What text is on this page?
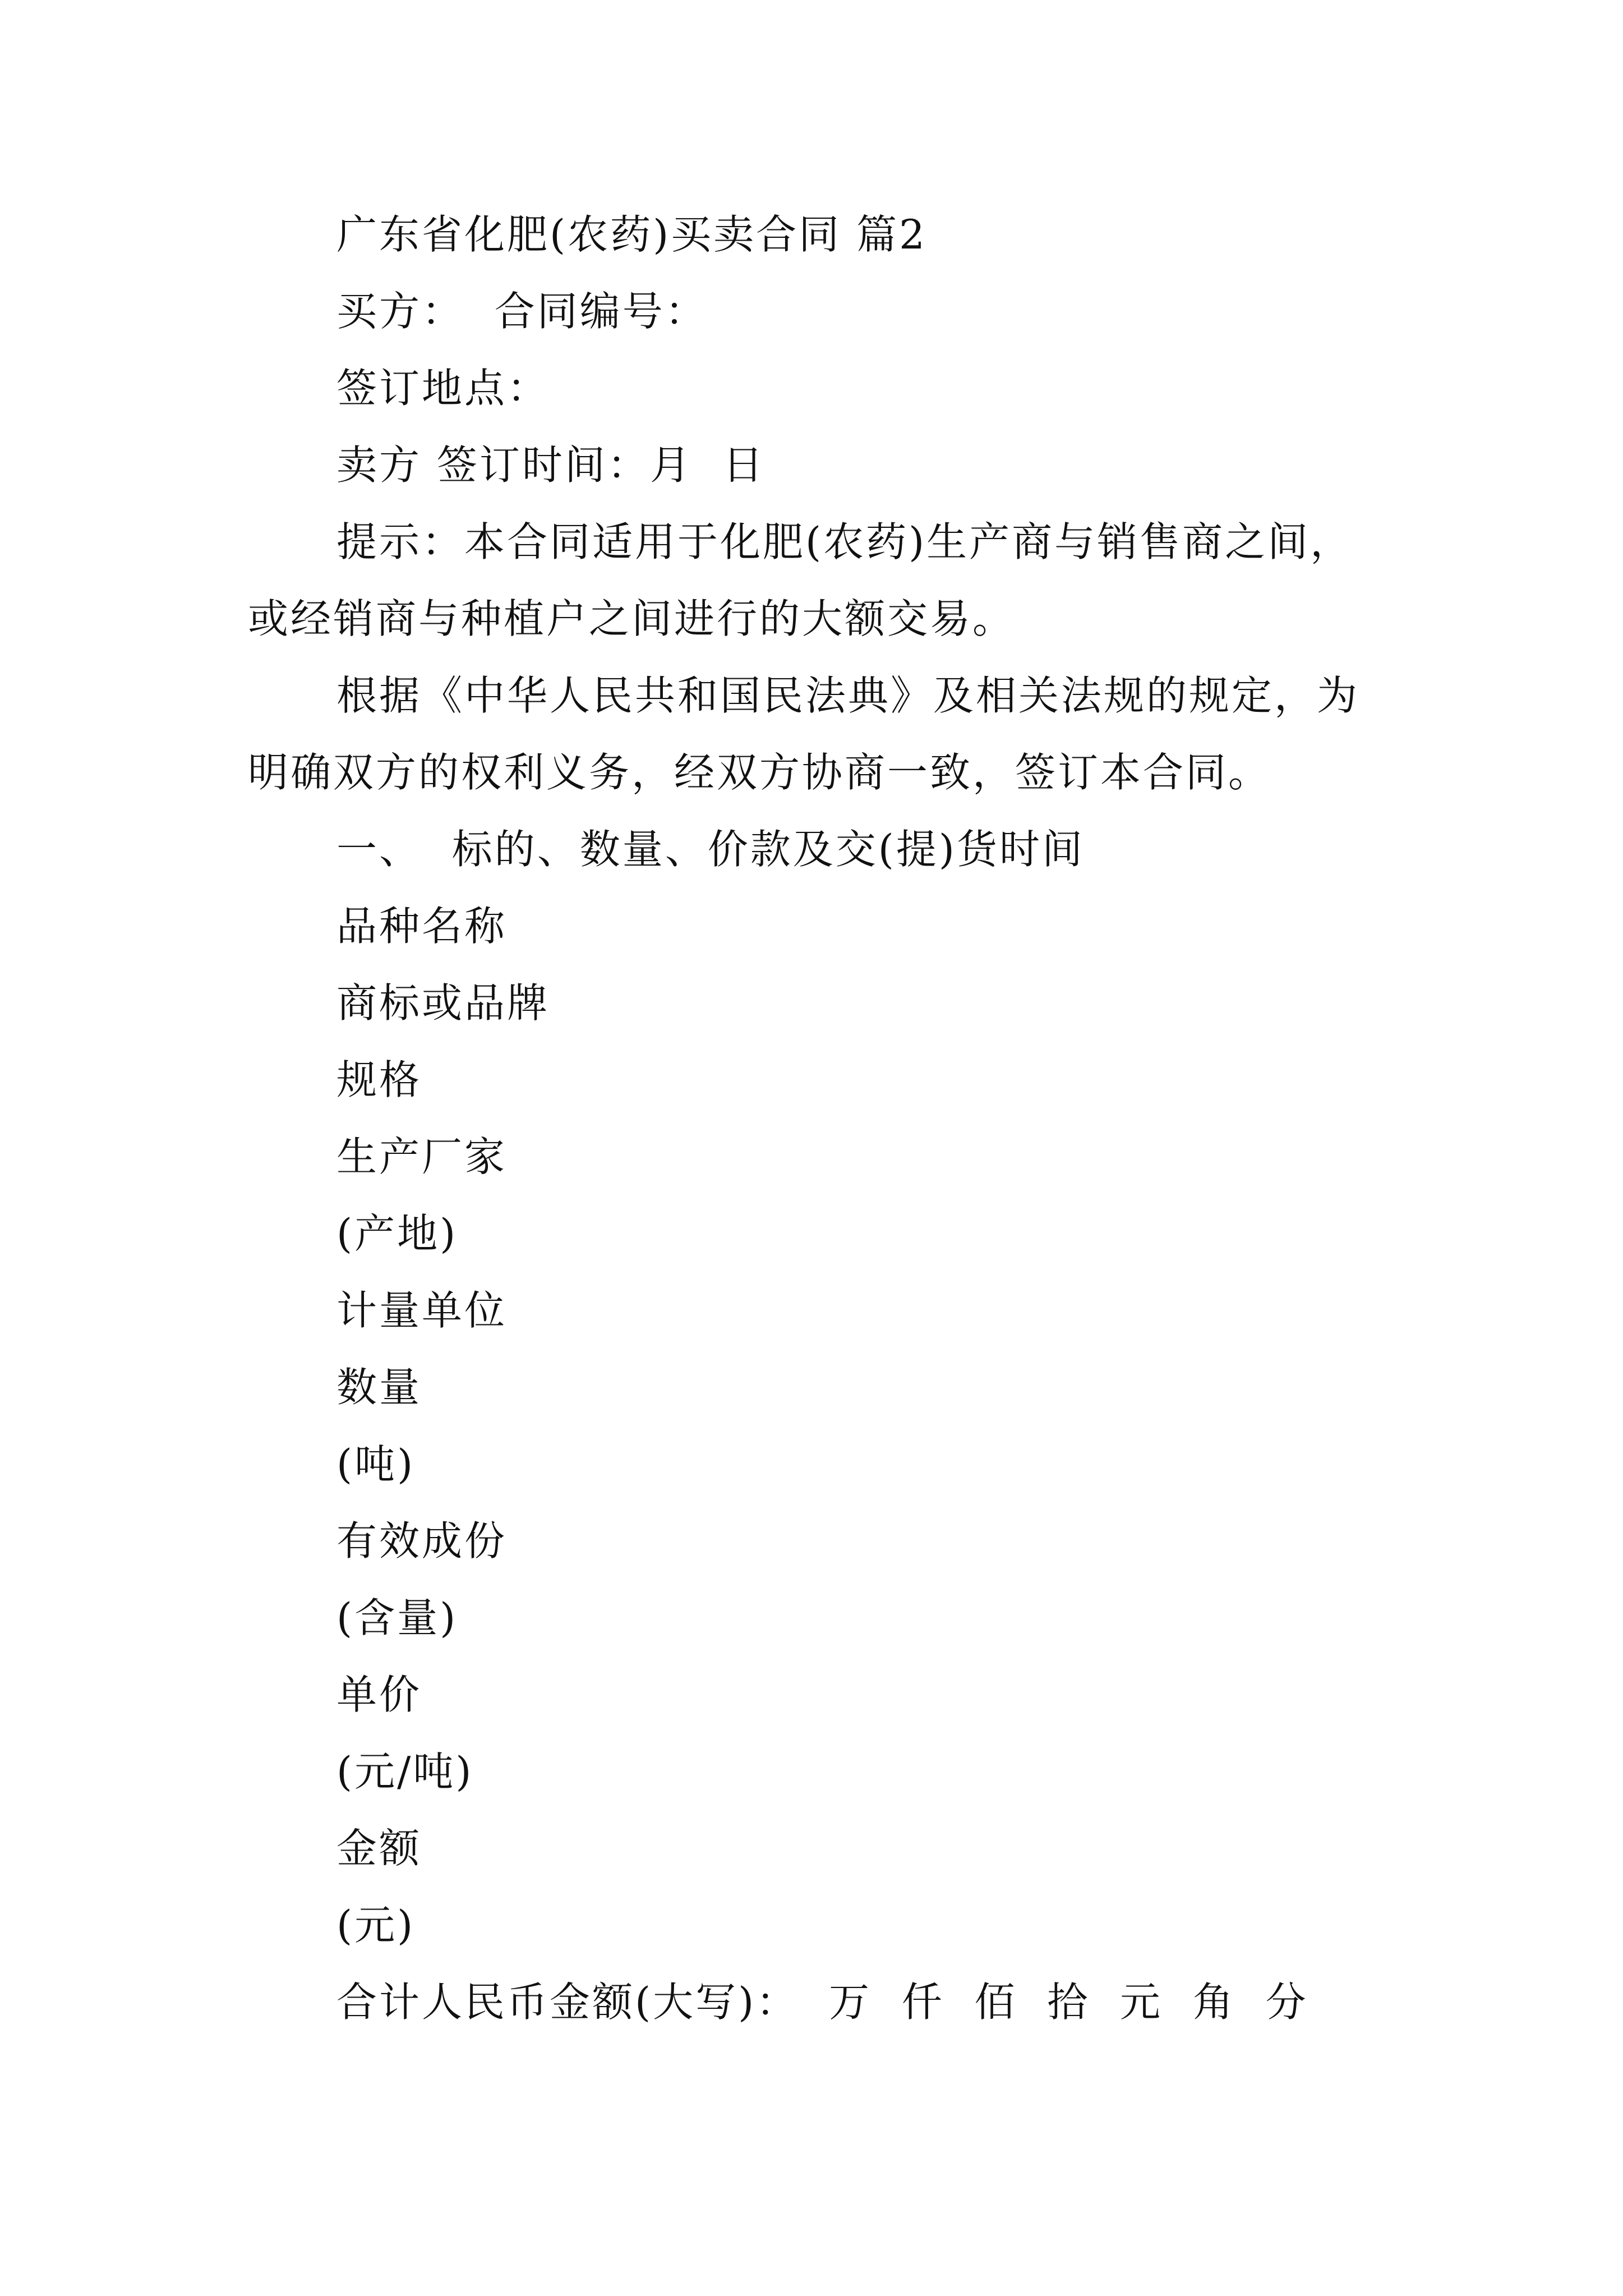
广东省化肥(农药)买卖合同 篇2
买方：  合同编号：
签订地点：
卖方 签订时间：月  日
提示：本合同适用于化肥(农药)生产商与销售商之间，
或经销商与种植户之间进行的大额交易。
根据《中华人民共和国民法典》及相关法规的规定，为
明确双方的权利义务，经双方协商一致，签订本合同。
一、  标的、数量、价款及交(提)货时间
品种名称
商标或品牌
规格
生产厂家
(产地)
计量单位
数量
(吨)
有效成份
(含量)
单价
(元/吨)
金额
(元)
合计人民币金额(大写)：  万  仟  佰  拾  元  角  分
